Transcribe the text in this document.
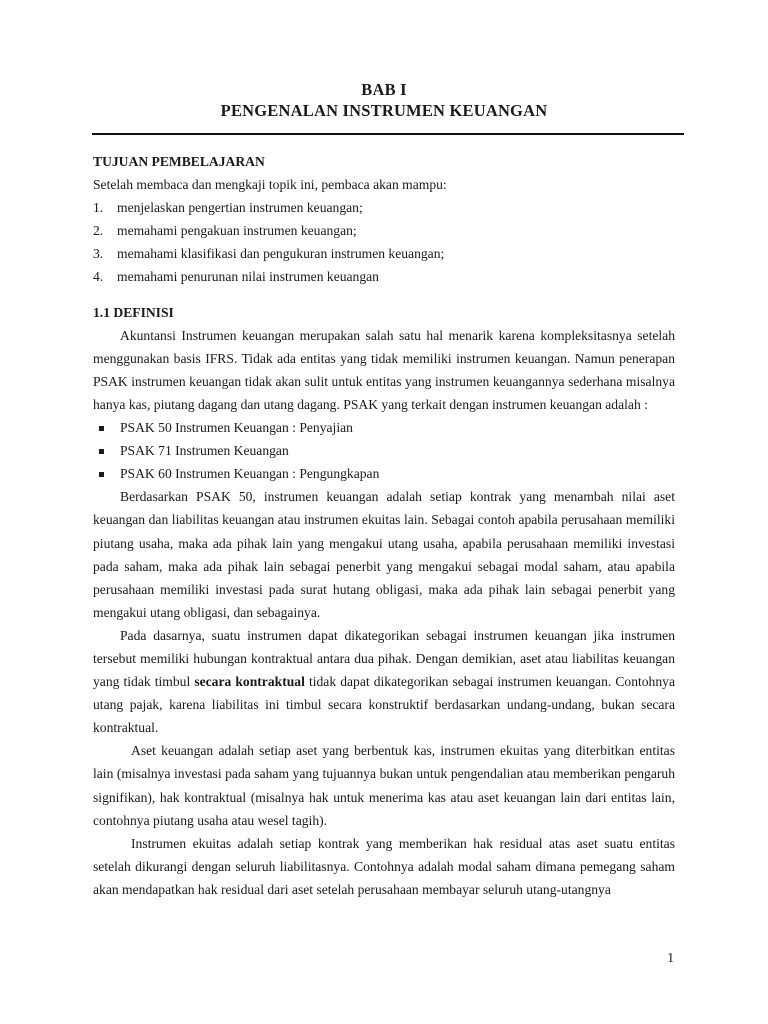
BAB I
PENGENALAN INSTRUMEN KEUANGAN

TUJUAN PEMBELAJARAN

Setelah membaca dan mengkaji topik ini, pembaca akan mampu:

1. menjelaskan pengertian instrumen keuangan;
2. memahami pengakuan instrumen keuangan;
3. memahami klasifikasi dan pengukuran instrumen keuangan;
4. memahami penurunan nilai instrumen keuangan

1.1 DEFINISI

Akuntansi Instrumen keuangan merupakan salah satu hal menarik karena kompleksitasnya setelah menggunakan basis IFRS. Tidak ada entitas yang tidak memiliki instrumen keuangan. Namun penerapan PSAK instrumen keuangan tidak akan sulit untuk entitas yang instrumen keuangannya sederhana misalnya hanya kas, piutang dagang dan utang dagang. PSAK yang terkait dengan instrumen keuangan adalah :

PSAK 50 Instrumen Keuangan : Penyajian
PSAK 71 Instrumen Keuangan
PSAK 60 Instrumen Keuangan : Pengungkapan

Berdasarkan PSAK 50, instrumen keuangan adalah setiap kontrak yang menambah nilai aset keuangan dan liabilitas keuangan atau instrumen ekuitas lain. Sebagai contoh apabila perusahaan memiliki piutang usaha, maka ada pihak lain yang mengakui utang usaha, apabila perusahaan memiliki investasi pada saham, maka ada pihak lain sebagai penerbit yang mengakui sebagai modal saham, atau apabila perusahaan memiliki investasi pada surat hutang obligasi, maka ada pihak lain sebagai penerbit yang mengakui utang obligasi, dan sebagainya.

Pada dasarnya, suatu instrumen dapat dikategorikan sebagai instrumen keuangan jika instrumen tersebut memiliki hubungan kontraktual antara dua pihak. Dengan demikian, aset atau liabilitas keuangan yang tidak timbul secara kontraktual tidak dapat dikategorikan sebagai instrumen keuangan. Contohnya utang pajak, karena liabilitas ini timbul secara konstruktif berdasarkan undang-undang, bukan secara kontraktual.

Aset keuangan adalah setiap aset yang berbentuk kas, instrumen ekuitas yang diterbitkan entitas lain (misalnya investasi pada saham yang tujuannya bukan untuk pengendalian atau memberikan pengaruh signifikan), hak kontraktual (misalnya hak untuk menerima kas atau aset keuangan lain dari entitas lain, contohnya piutang usaha atau wesel tagih).

Instrumen ekuitas adalah setiap kontrak yang memberikan hak residual atas aset suatu entitas setelah dikurangi dengan seluruh liabilitasnya. Contohnya adalah modal saham dimana pemegang saham akan mendapatkan hak residual dari aset setelah perusahaan membayar seluruh utang-utangnya

1
